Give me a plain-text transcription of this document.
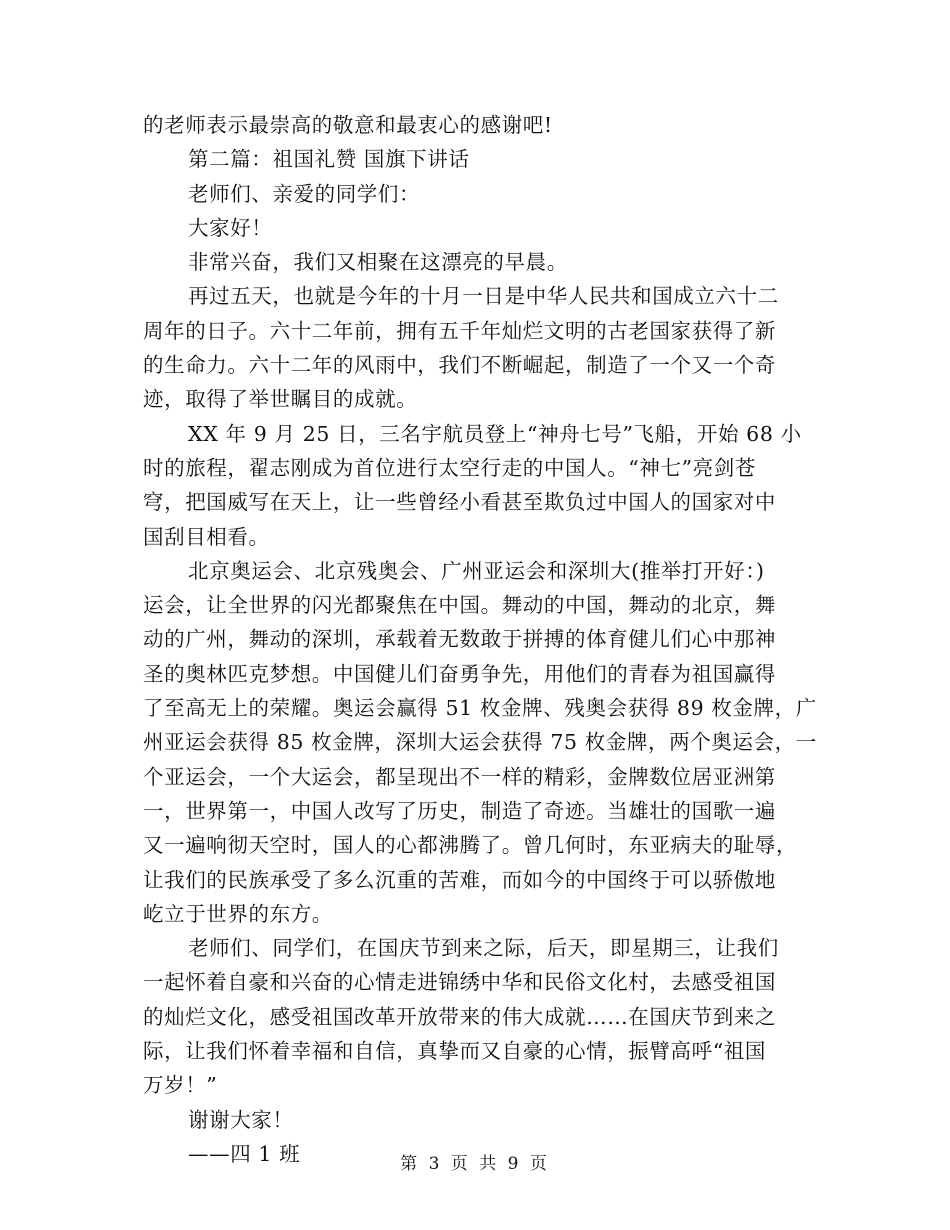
的老师表示最崇高的敬意和最衷心的感谢吧!
第二篇：祖国礼赞 国旗下讲话
老师们、亲爱的同学们：
大家好！
非常兴奋，我们又相聚在这漂亮的早晨。
再过五天，也就是今年的十月一日是中华人民共和国成立六十二
周年的日子。六十二年前，拥有五千年灿烂文明的古老国家获得了新
的生命力。六十二年的风雨中，我们不断崛起，制造了一个又一个奇
迹，取得了举世瞩目的成就。
XX 年 9 月 25 日，三名宇航员登上“神舟七号”飞船，开始 68 小
时的旅程，翟志刚成为首位进行太空行走的中国人。“神七”亮剑苍
穹，把国威写在天上，让一些曾经小看甚至欺负过中国人的国家对中
国刮目相看。
北京奥运会、北京残奥会、广州亚运会和深圳大(推举打开好：)
运会，让全世界的闪光都聚焦在中国。舞动的中国，舞动的北京，舞
动的广州，舞动的深圳，承载着无数敢于拼搏的体育健儿们心中那神
圣的奥林匹克梦想。中国健儿们奋勇争先，用他们的青春为祖国赢得
了至高无上的荣耀。奥运会赢得 51 枚金牌、残奥会获得 89 枚金牌，广
州亚运会获得 85 枚金牌，深圳大运会获得 75 枚金牌，两个奥运会，一
个亚运会，一个大运会，都呈现出不一样的精彩，金牌数位居亚洲第
一，世界第一，中国人改写了历史，制造了奇迹。当雄壮的国歌一遍
又一遍响彻天空时，国人的心都沸腾了。曾几何时，东亚病夫的耻辱，
让我们的民族承受了多么沉重的苦难，而如今的中国终于可以骄傲地
屹立于世界的东方。
老师们、同学们，在国庆节到来之际，后天，即星期三，让我们
一起怀着自豪和兴奋的心情走进锦绣中华和民俗文化村，去感受祖国
的灿烂文化，感受祖国改革开放带来的伟大成就……在国庆节到来之
际，让我们怀着幸福和自信，真挚而又自豪的心情，振臂高呼“祖国
万岁！”
谢谢大家！
——四 1 班	第 3 页 共 9 页
